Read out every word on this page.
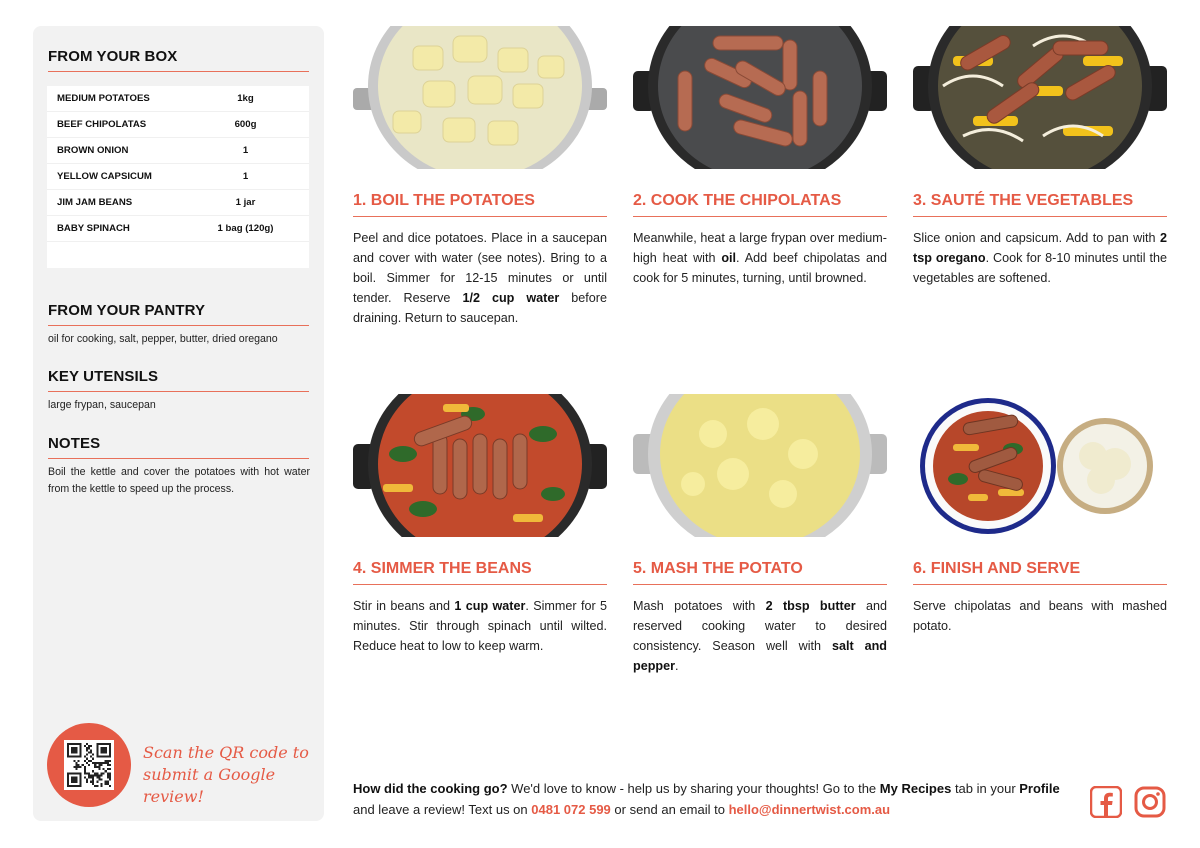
FROM YOUR BOX
MEDIUM POTATOES	1kg
BEEF CHIPOLATAS	600g
BROWN ONION	1
YELLOW CAPSICUM	1
JIM JAM BEANS	1 jar
BABY SPINACH	1 bag (120g)
FROM YOUR PANTRY
oil for cooking, salt, pepper, butter, dried oregano
KEY UTENSILS
large frypan, saucepan
NOTES
Boil the kettle and cover the potatoes with hot water from the kettle to speed up the process.
Scan the QR code to
submit a Google review!
1. BOIL THE POTATOES
Peel and dice potatoes. Place in a saucepan and cover with water (see notes). Bring to a boil. Simmer for 12-15 minutes or until tender. Reserve 1/2 cup water before draining. Return to saucepan.
2. COOK THE CHIPOLATAS
Meanwhile, heat a large frypan over medium-high heat with oil. Add beef chipolatas and cook for 5 minutes, turning, until browned.
3. SAUTÉ THE VEGETABLES
Slice onion and capsicum. Add to pan with 2 tsp oregano. Cook for 8-10 minutes until the vegetables are softened.
4. SIMMER THE BEANS
Stir in beans and 1 cup water. Simmer for 5 minutes. Stir through spinach until wilted. Reduce heat to low to keep warm.
5. MASH THE POTATO
Mash potatoes with 2 tbsp butter and reserved cooking water to desired consistency. Season well with salt and pepper.
6. FINISH AND SERVE
Serve chipolatas and beans with mashed potato.
How did the cooking go? We'd love to know - help us by sharing your thoughts! Go to the My Recipes tab in your Profile and leave a review! Text us on 0481 072 599 or send an email to hello@dinnertwist.com.au
